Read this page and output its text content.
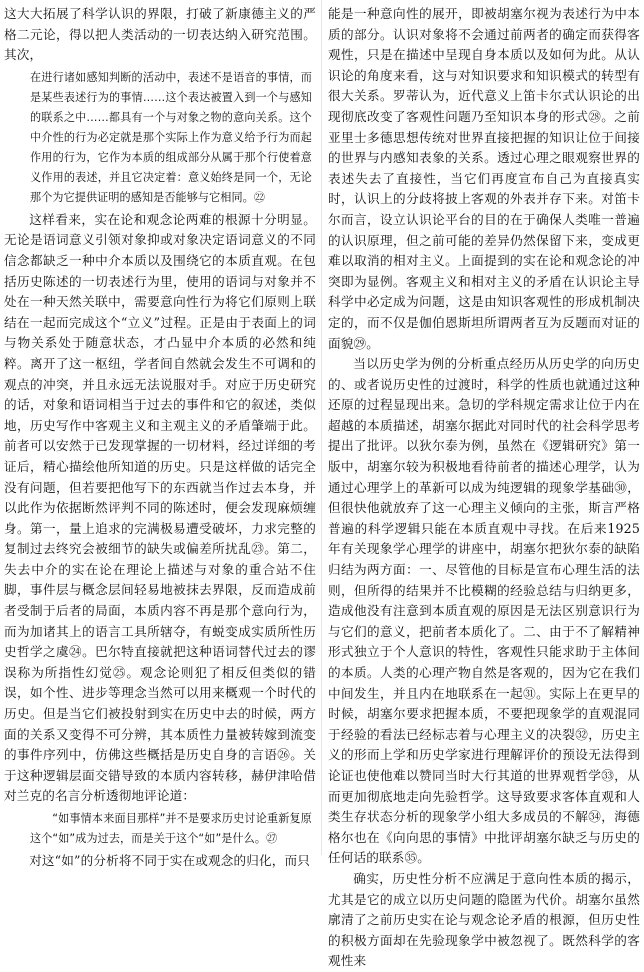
这大大拓展了科学认识的界限，打破了新康德主义的严格二元论，得以把人类活动的一切表达纳入研究范围。其次，

在进行诸如感知判断的活动中，表述不是语音的事情，而是某些表述行为的事情……这个表达被置入到一个与感知的联系之中……都具有一个与对象之物的意向关系。这个中介性的行为必定就是那个实际上作为意义给予行为而起作用的行为，它作为本质的组成部分从属于那个行使着意义作用的表述，并且它决定着：意义始终是同一个，无论那个为它提供证明的感知是否能够与它相同。㉒

这样看来，实在论和观念论两难的根源十分明显。无论是语词意义引领对象抑或对象决定语词意义的不同信念都缺乏一种中介本质以及围绕它的本质直观。在包括历史陈述的一切表述行为里，使用的语词与对象并不处在一种天然关联中，需要意向性行为将它们原则上联结在一起而完成这个“立义”过程。正是由于表面上的词与物关系处于随意状态，才凸显中介本质的必然和纯粹。离开了这一枢纽，学者间自然就会发生不可调和的观点的冲突，并且永远无法说服对手。对应于历史研究的话，对象和语词相当于过去的事件和它的叙述，类似地，历史写作中客观主义和主观主义的矛盾肇端于此。前者可以安然于已发现掌握的一切材料，经过详细的考证后，精心描绘他所知道的历史。只是这样做的话完全没有问题，但若要把他写下的东西就当作过去本身，并以此作为依据断然评判不同的陈述时，便会发现麻烦缠身。第一，量上追求的完满极易遭受破坏，力求完整的复制过去终究会被细节的缺失或偏差所扰乱㉓。第二，失去中介的实在论在理论上描述与对象的重合站不住脚，事件层与概念层间轻易地被抹去界限，反而造成前者受制于后者的局面，本质内容不再是那个意向行为，而为加诸其上的语言工具所辖夺，有蜕变成实质所性历史哲学之虞㉔。巴尔特直接就把这种语词替代过去的谬误称为所指性幻觉㉕。观念论则犯了相反但类似的错误，如个性、进步等理念当然可以用来概观一个时代的历史。但是当它们被投射到实在历史中去的时候，两方面的关系又变得不可分辨，其本质性力量被转嫁到流变的事件序列中，仿佛这些概括是历史自身的言语㉖。关于这种逻辑层面交错导致的本质内容转移，赫伊津哈借对兰克的名言分析透彻地评论道：

“如事情本来面目那样”并不是要求历史讨论重新复原这个“如”成为过去，而是关于这个“如”是什么。㉗

对这“如”的分析将不同于实在或观念的归化，而只

能是一种意向性的展开，即被胡塞尔视为表述行为中本质的部分。认识对象将不会通过前两者的确定而获得客观性，只是在描述中呈现自身本质以及如何为此。从认识论的角度来看，这与对知识要求和知识模式的转型有很大关系。罗蒂认为，近代意义上笛卡尔式认识论的出现彻底改变了客观性问题乃至知识本身的形式㉘。之前亚里士多德思想传统对世界直接把握的知识让位于间接的世界与内感知表象的关系。透过心理之眼观察世界的表述失去了直接性，当它们再度宣布自己为直接真实时，认识上的分歧将披上客观的外表并存下来。对笛卡尔而言，设立认识论平台的目的在于确保人类唯一普遍的认识原理，但之前可能的差异仍然保留下来，变成更难以取消的相对主义。上面提到的实在论和观念论的冲突即为显例。客观主义和相对主义的矛盾在认识论主导科学中必定成为问题，这是由知识客观性的形成机制决定的，而不仅是伽伯恩斯坦所谓两者互为反题而对证的面貌㉙。

当以历史学为例的分析重点经历从历史学的向历史的、或者说历史性的过渡时，科学的性质也就通过这种还原的过程显现出来。急切的学科规定需求让位于内在超越的本质描述，胡塞尔据此对同时代的社会科学思考提出了批评。以狄尔泰为例，虽然在《逻辑研究》第一版中，胡塞尔较为积极地看待前者的描述心理学，认为通过心理学上的革新可以成为纯逻辑的现象学基础㉚，但很快他就放弃了这一心理主义倾向的主张，斯言严格普遍的科学逻辑只能在本质直观中寻找。在后来1925年有关现象学心理学的讲座中，胡塞尔把狄尔泰的缺陷归结为两方面：一、尽管他的目标是宣布心理生活的法则，但所得的结果并不比模糊的经验总结与归纳更多，造成他没有注意到本质直观的原因是无法区别意识行为与它们的意义，把前者本质化了。二、由于不了解精神形式独立于个人意识的特性，客观性只能求助于主体间的本质。人类的心理产物自然是客观的，因为它在我们中间发生，并且内在地联系在一起㉛。实际上在更早的时候，胡塞尔要求把握本质，不要把现象学的直观混同于经验的看法已经标志着与心理主义的决裂㉜，历史主义的形而上学和历史学家进行理解评价的预设无法得到论证也使他难以赞同当时大行其道的世界观哲学㉝，从而更加彻底地走向先验哲学。这导致要求客体直观和人类生存状态分析的现象学小组大多成员的不解㉞，海德格尔也在《向向思的事情》中批评胡塞尔缺乏与历史的任何话的联系㉟。

确实，历史性分析不应满足于意向性本质的揭示，尤其是它的成立以历史问题的隐匿为代价。胡塞尔虽然廓清了之前历史实在论与观念论矛盾的根源，但历史性的积极方面却在先验现象学中被忽视了。既然科学的客观性来
